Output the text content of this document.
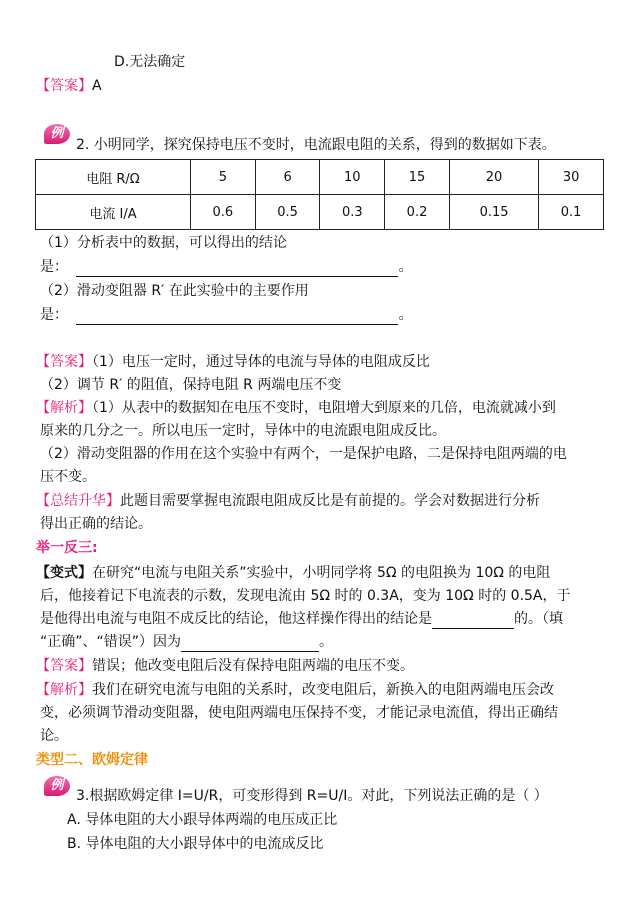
D.无法确定
【答案】A
例
2. 小明同学，探究保持电压不变时，电流跟电阻的关系，得到的数据如下表。
电阻 R/Ω	5	6	10	15	20	30
电流 I/A	0.6	0.5	0.3	0.2	0.15	0.1
（1）分析表中的数据，可以得出的结论
是：	。
（2）滑动变阻器 R′ 在此实验中的主要作用
是：	。
【答案】（1）电压一定时，通过导体的电流与导体的电阻成反比
（2）调节 R′ 的阻值，保持电阻 R 两端电压不变
【解析】（1）从表中的数据知在电压不变时，电阻增大到原来的几倍，电流就减小到
原来的几分之一。所以电压一定时，导体中的电流跟电阻成反比。
（2）滑动变阻器的作用在这个实验中有两个，一是保护电路，二是保持电阻两端的电
压不变。
【总结升华】此题目需要掌握电流跟电阻成反比是有前提的。学会对数据进行分析
得出正确的结论。
举一反三:
【变式】在研究“电流与电阻关系”实验中，小明同学将 5Ω 的电阻换为 10Ω 的电阻
后，他接着记下电流表的示数，发现电流由 5Ω 时的 0.3A，变为 10Ω 时的 0.5A，于
是他得出电流与电阻不成反比的结论，他这样操作得出的结论是	的。（填
“正确”、“错误”）因为	。
【答案】错误；他改变电阻后没有保持电阻两端的电压不变。
【解析】我们在研究电流与电阻的关系时，改变电阻后，新换入的电阻两端电压会改
变，必须调节滑动变阻器，使电阻两端电压保持不变，才能记录电流值，得出正确结
论。
类型二、欧姆定律
例
3.根据欧姆定律 I=U/R，可变形得到 R=U/I。对此，下列说法正确的是（ ）
A. 导体电阻的大小跟导体两端的电压成正比
B. 导体电阻的大小跟导体中的电流成反比
